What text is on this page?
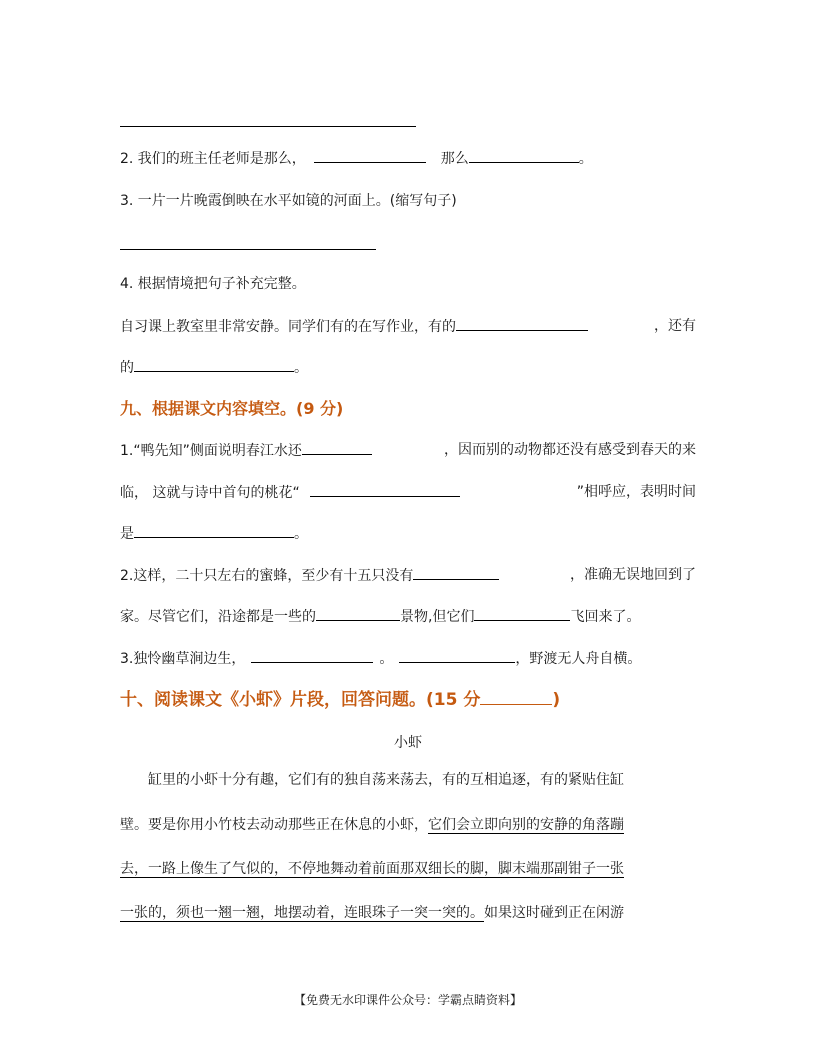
2. 我们的班主任老师是那么，	那么	。
3. 一片一片晚霞倒映在水平如镜的河面上。(缩写句子)
4. 根据情境把句子补充完整。
自习课上教室里非常安静。同学们有的在写作业，有的	，还有
的	。
九、根据课文内容填空。(9 分)
1.“鸭先知”侧面说明春江水还	，因而别的动物都还没有感受到春天的来
临， 这就与诗中首句的桃花“	”相呼应，表明时间
是	。
2.这样，二十只左右的蜜蜂，至少有十五只没有	，准确无误地回到了
家。尽管它们，沿途都是一些的	景物,但它们	飞回来了。
3.独怜幽草涧边生，	。	，野渡无人舟自横。
十、阅读课文《小虾》片段，回答问题。(15 分	)
小虾
缸里的小虾十分有趣，它们有的独自荡来荡去，有的互相追逐，有的紧贴住缸
壁。要是你用小竹枝去动动那些正在休息的小虾，它们会立即向别的安静的角落蹦
去，一路上像生了气似的，不停地舞动着前面那双细长的脚，脚末端那副钳子一张
一张的，须也一翘一翘，地摆动着，连眼珠子一突一突的。如果这时碰到正在闲游
【免费无水印课件公众号：学霸点睛资料】
